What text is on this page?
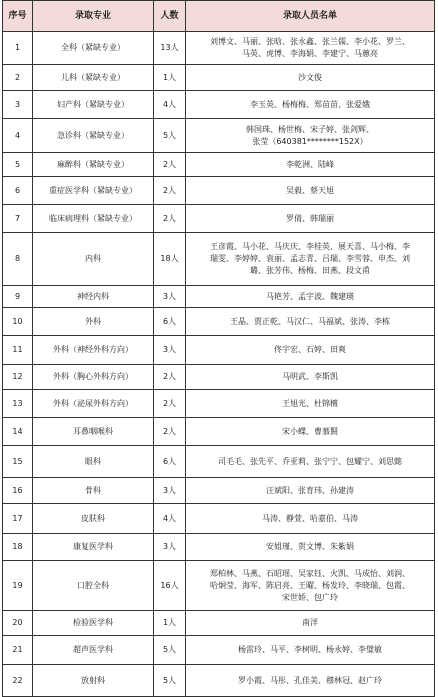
序号	录取专业	人数	录取人员名单
1	全科（紧缺专业）	13人	刘博文、马丽、张晗、张永鑫、张兰儒、李小花、罗兰、
马英、虎博、李海娟、李建宁、马蕙亮

2	儿科（紧缺专业）	1人	沙文俊

3	妇产科（紧缺专业）	4人	李玉英、杨梅梅、郑苗苗、张爱娥

4	急诊科（紧缺专业）	5人	韩国珠、杨世梅、宋子婷、张剑辉、
张莹（640381********152X）

5	麻醉科（紧缺专业）	2人	李乾洲、陆峰

6	重症医学科（紧缺专业）	2人	吴毅、蔡天旭

7	临床病理科（紧缺专业）	2人	罗倩、韩瑞丽

8	内科	18人	王彦霞、马小花、马庆庆、李桂英、展天喜、马小梅、李
瑞雯、李婷婷、袁丽、孟志青、吕瑞、李雪蓉、申杰、刘
璐、张芳伟、杨梅、田燕、段文甫

9	神经内科	3人	马艳芳、孟宇波、魏建瑛

10	外科	6人	王晶、贾正乾、马汉仁、马福斌、张涛、李栋

11	外科（神经外科方向）	3人	佟宇宏、石婷、田爽

12	外科（胸心外科方向）	2人	马明武、李斯凯

13	外科（泌尿外科方向）	2人	王旭光、杜锦檀

14	耳鼻咽喉科	2人	宋小蝶、曹慕賢

15	眼科	6人	司毛毛、张先平、乔亚莉、张宁宁、包耀宁、刘思懿

16	骨科	3人	汪斌阳、张育玮、孙建涛

17	皮肤科	4人	马涛、静萱、哈嘉伯、马涛

18	康复医学科	3人	安姐瑾、贺文博、朱紫娟

19	口腔全科	16人	郑柏林、马燕、石昭瑶、吴家钰、火凯、马成怡、刘润、
哈炯莹、海军、陈启亮、王曜、杨发玲、李晓瑞、包霞、
宋世娇、包广玲

20	检验医学科	1人	南洋

21	超声医学科	5人	杨雷玲、马平、李树明、杨永婷、李璧敏

22	放射科	5人	罗小霞、马彤、孔佳美、穆林冠、赵广玲
